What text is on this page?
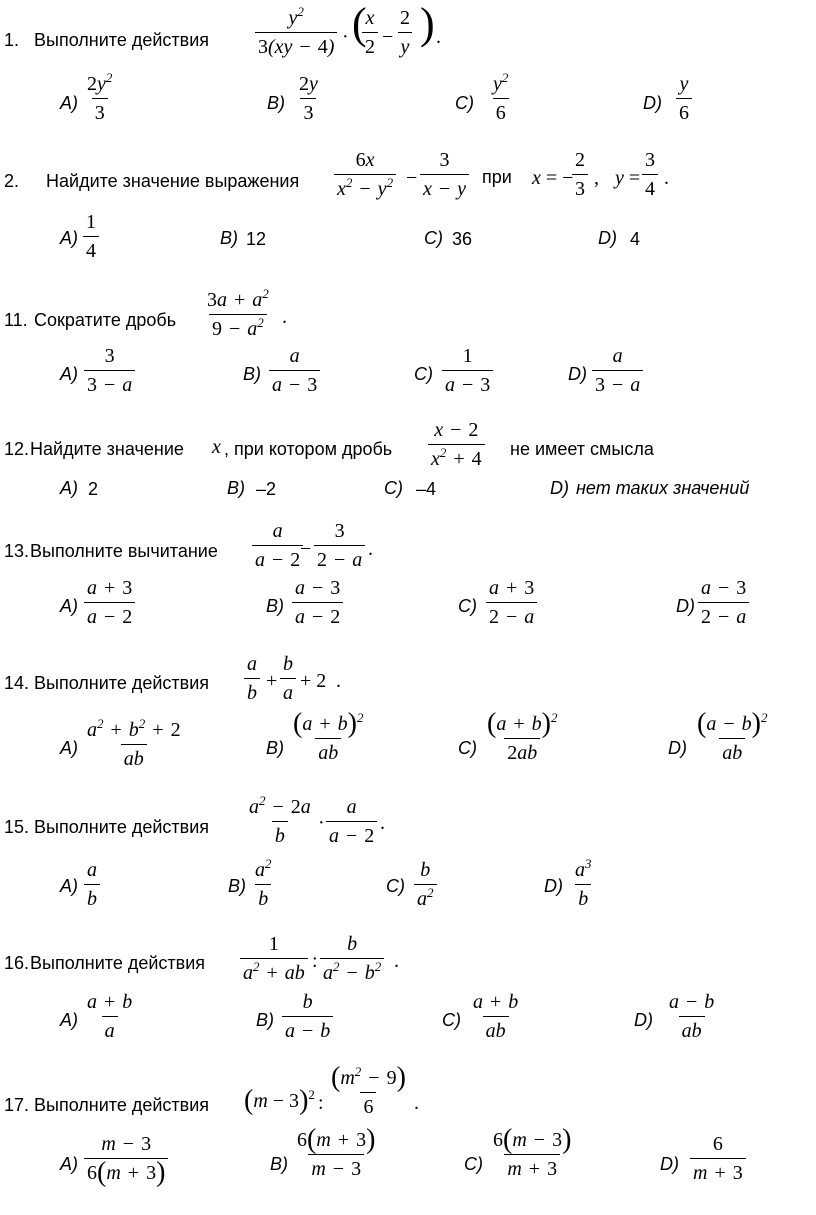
1. Выполните действия $\frac{y^2}{3(xy - 4)}$ · (
$\frac{x}{2} - \frac{2}{y}$ ) .
$A) \frac{2y^2}{3}$	$B) \frac{2y}{3}$	$C) \frac{y^2}{6}$	$D) \frac{y}{6}$
2. Найдите значение выражения $\frac{6x}{x^2 - y^2} - \frac{3}{x - y}$ при x = −
$\frac{2}{3}$ , $y = \frac{3}{4}$ .
$A) \frac{1}{4}$	B) 12	C) 36	D) 4
11. Сократите дробь $\frac{3a + a^2}{9 - a^2}$ .
$A) \frac{3}{3 - a}$	$B) \frac{a}{a - 3}$	$C) \frac{1}{a - 3}$	$D) \frac{a}{3 - a}$
12. Найдите значение x , при котором дробь $\frac{x - 2}{x^2 + 4}$ не имеет смысла
A) 2	B) –2	C) –4	D) нет таких значений
13. Выполните вычитание $\frac{a}{a - 2}$
− $\frac{3}{2 - a}$ .
$A) \frac{a + 3}{a - 2}$	$B) \frac{a - 3}{a - 2}$	$C) \frac{a + 3}{2 - a}$	$D) \frac{a - 3}{2 - a}$
14. Выполните действия $\frac{a}{b} + \frac{b}{a} + 2$ .
$A) \frac{a^2 + b^2 + 2}{ab}$	$B) \frac{(a + b)^2}{ab}$	$C) \frac{(a + b)^2}{2ab}$	$D) \frac{(a - b)^2}{ab}$
15. Выполните действия $\frac{a^2 - 2a}{b} \cdot \frac{a}{a - 2}$ .
$A) \frac{a}{b}$	$B) \frac{a^2}{b}$	$C) \frac{b}{a^2}$	$D) \frac{a^3}{b}$
16. Выполните действия $\frac{1}{a^2 + ab}$ : $\frac{b}{a^2 - b^2}$ .
$A) \frac{a + b}{a}$	$B) \frac{b}{a - b}$	$C) \frac{a + b}{ab}$	$D) \frac{a - b}{ab}$
17. Выполните действия $(m - 3)^2$ : $\frac{(m^2 - 9)}{6}$ .
$A) \frac{m - 3}{6(m + 3)}$	$B) \frac{6(m + 3)}{m - 3}$	$C) \frac{6(m - 3)}{m + 3}$	$D) \frac{6}{m + 3}$
